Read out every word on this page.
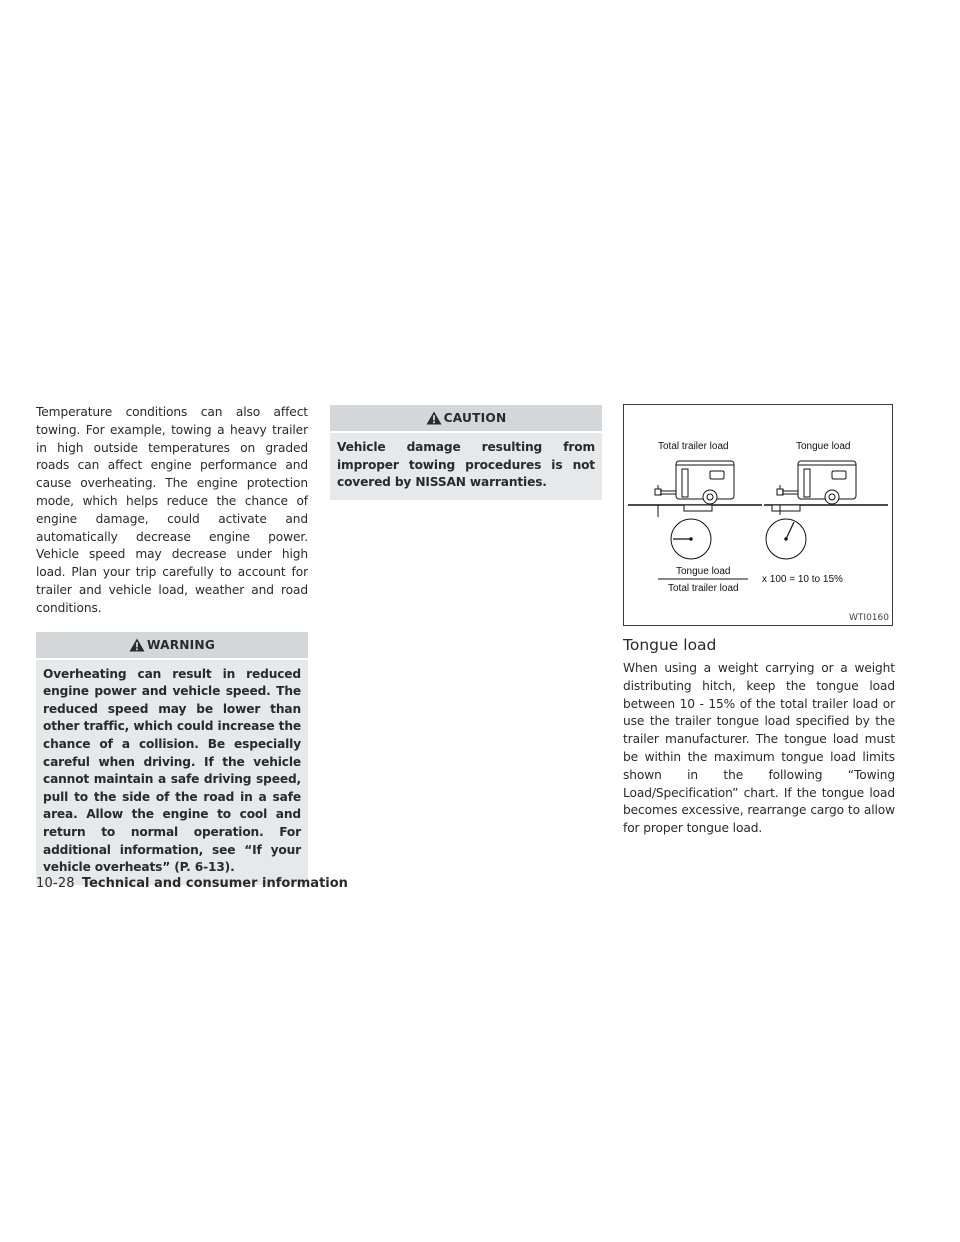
Temperature conditions can also affect towing. For example, towing a heavy trailer in high outside temperatures on graded roads can affect engine performance and cause overheating. The engine protection mode, which helps reduce the chance of engine damage, could activate and automatically decrease engine power. Vehicle speed may decrease under high load. Plan your trip carefully to account for trailer and vehicle load, weather and road conditions.

WARNING
Overheating can result in reduced engine power and vehicle speed. The reduced speed may be lower than other traffic, which could increase the chance of a collision. Be especially careful when driving. If the vehicle cannot maintain a safe driving speed, pull to the side of the road in a safe area. Allow the engine to cool and return to normal operation. For additional information, see “If your vehicle overheats” (P. 6-13).
CAUTION
Vehicle damage resulting from improper towing procedures is not covered by NISSAN warranties.
Total trailer load	Tongue load
Tongue load
Total trailer load
x 100 = 10 to 15%
WTI0160
Tongue load

When using a weight carrying or a weight distributing hitch, keep the tongue load between 10 - 15% of the total trailer load or use the trailer tongue load specified by the trailer manufacturer. The tongue load must be within the maximum tongue load limits shown in the following “Towing Load/Specification” chart. If the tongue load becomes excessive, rearrange cargo to allow for proper tongue load.

10-28 Technical and consumer information
